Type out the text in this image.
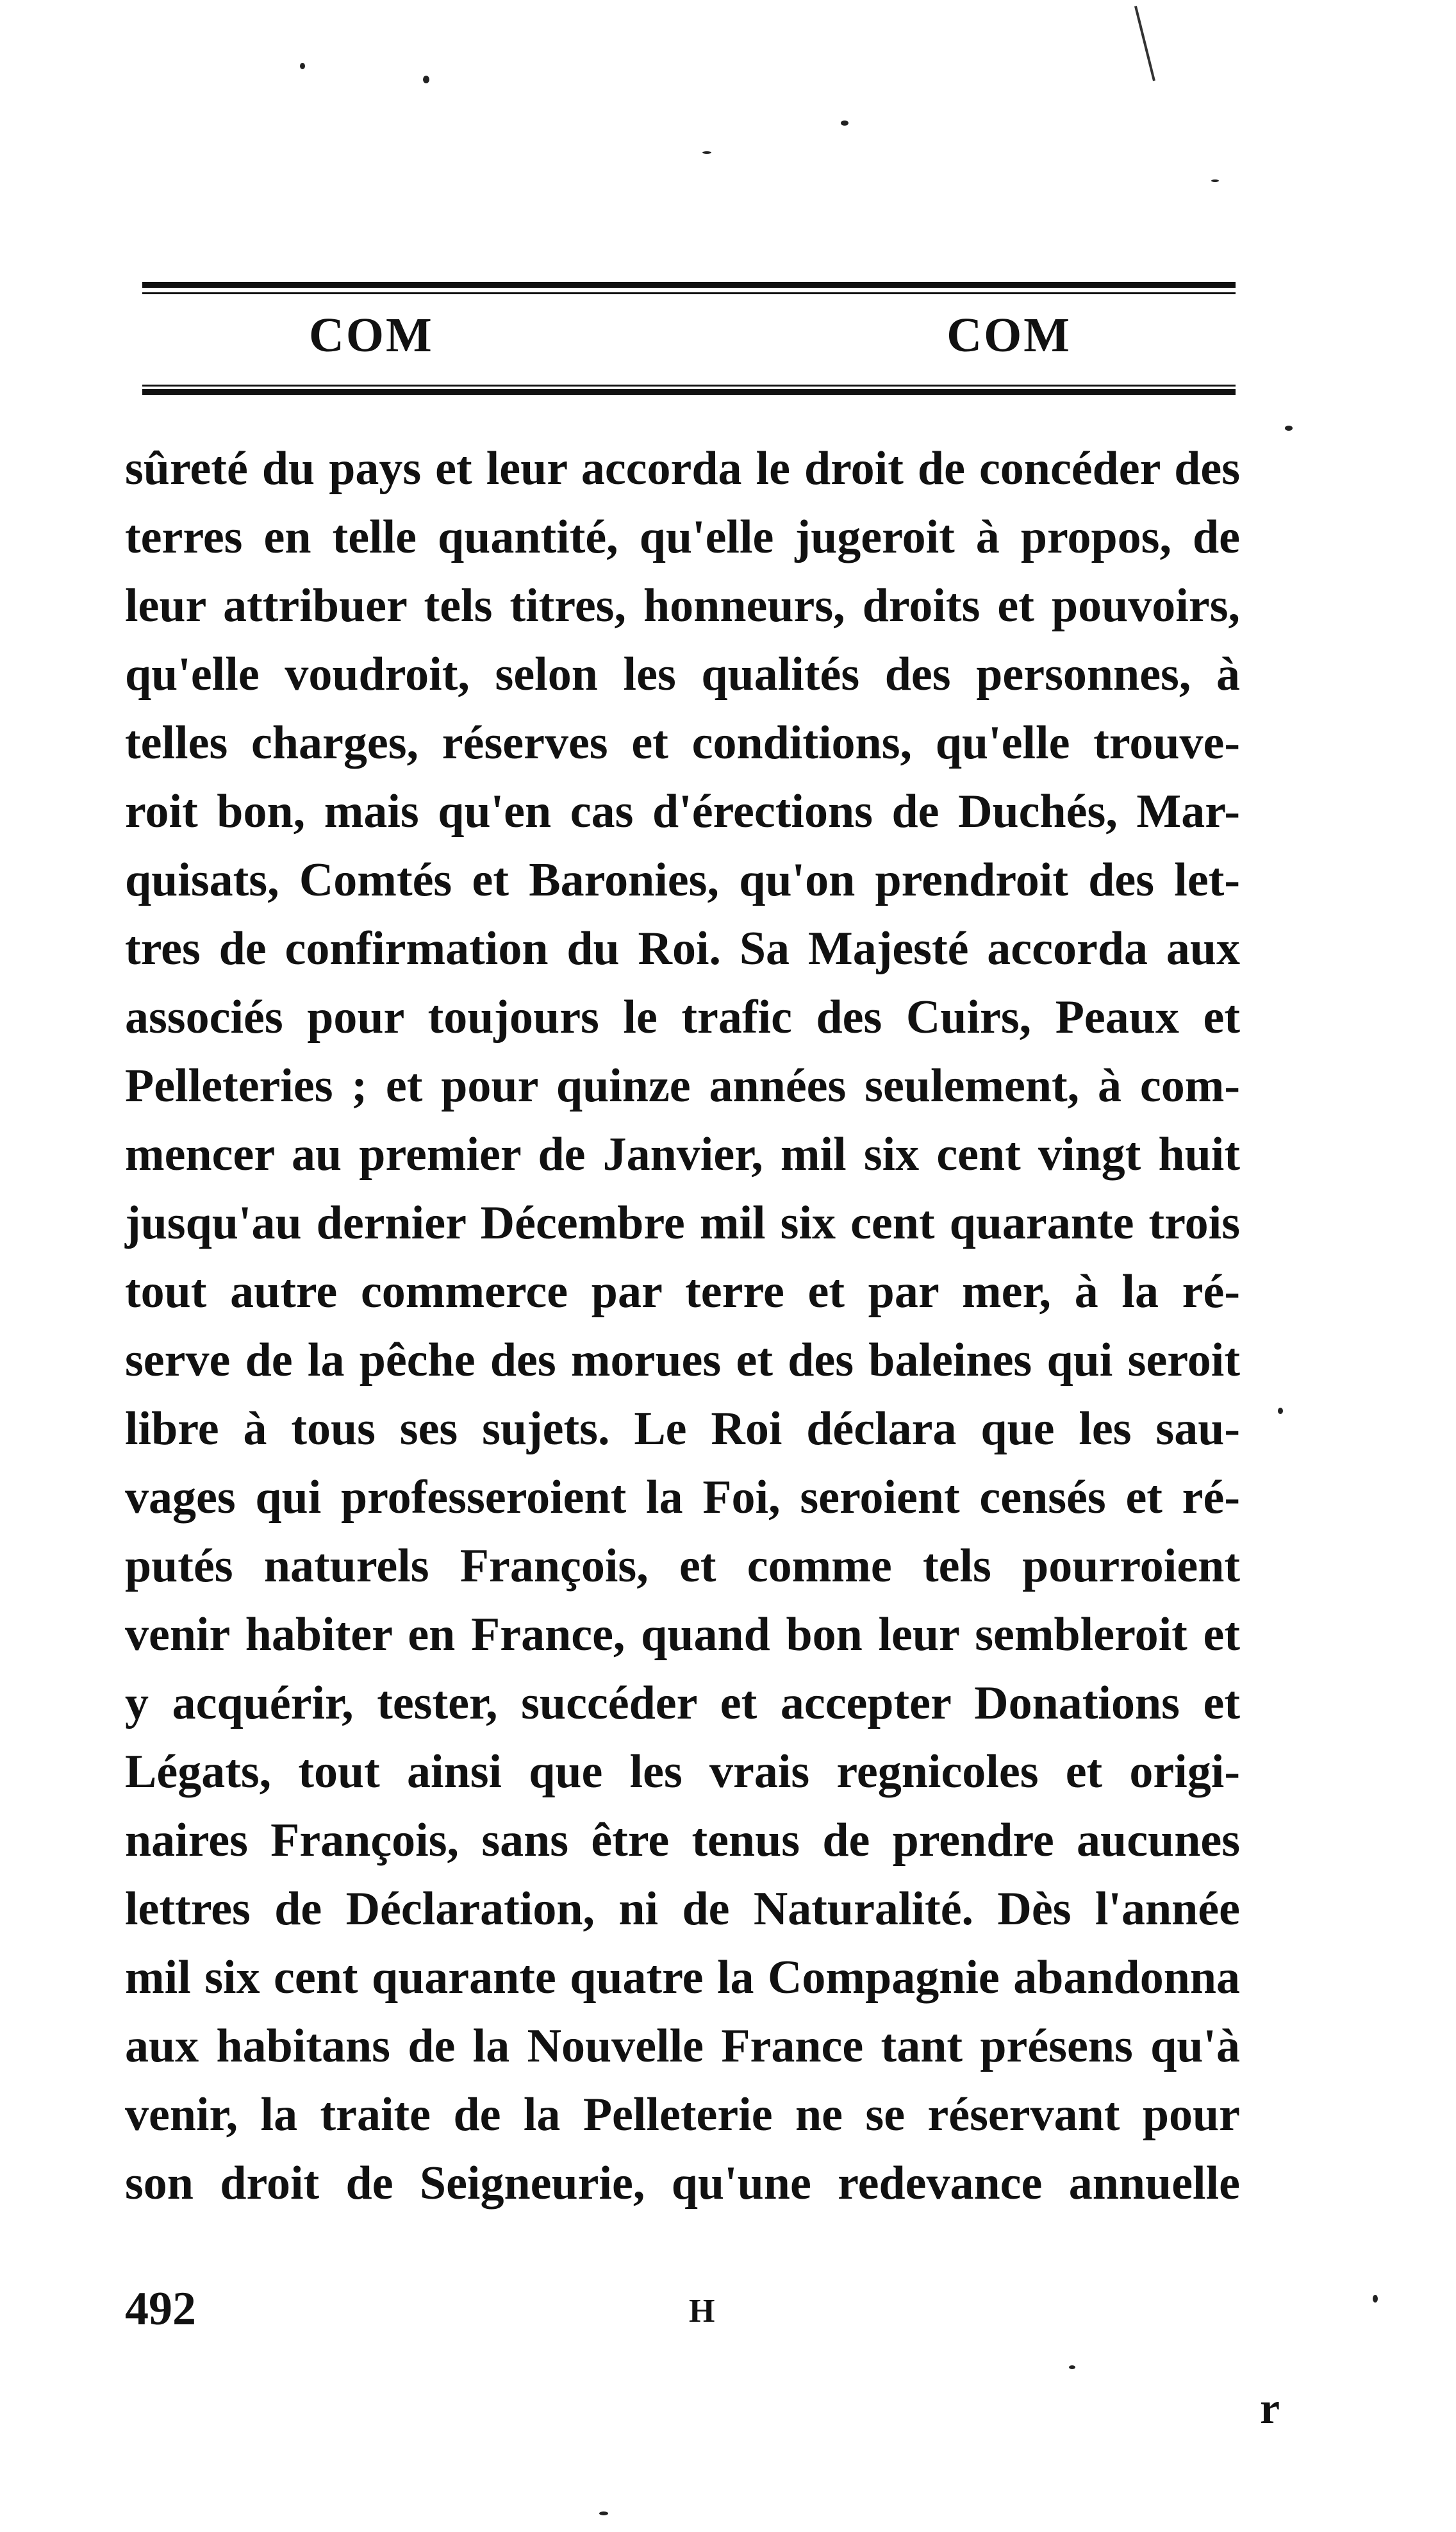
COM	COM
sûreté du pays et leur accorda le droit de concéder des
terres en telle quantité, qu'elle jugeroit à propos, de
leur attribuer tels titres, honneurs, droits et pouvoirs,
qu'elle voudroit, selon les qualités des personnes, à
telles charges, réserves et conditions, qu'elle trouve-
roit bon, mais qu'en cas d'érections de Duchés, Mar-
quisats, Comtés et Baronies, qu'on prendroit des let-
tres de confirmation du Roi. Sa Majesté accorda aux
associés pour toujours le trafic des Cuirs, Peaux et
Pelleteries ; et pour quinze années seulement, à com-
mencer au premier de Janvier, mil six cent vingt huit
jusqu'au dernier Décembre mil six cent quarante trois
tout autre commerce par terre et par mer, à la ré-
serve de la pêche des morues et des baleines qui seroit
libre à tous ses sujets. Le Roi déclara que les sau-
vages qui professeroient la Foi, seroient censés et ré-
putés naturels François, et comme tels pourroient
venir habiter en France, quand bon leur sembleroit et
y acquérir, tester, succéder et accepter Donations et
Légats, tout ainsi que les vrais regnicoles et origi-
naires François, sans être tenus de prendre aucunes
lettres de Déclaration, ni de Naturalité. Dès l'année
mil six cent quarante quatre la Compagnie abandonna
aux habitans de la Nouvelle France tant présens qu'à
venir, la traite de la Pelleterie ne se réservant pour
son droit de Seigneurie, qu'une redevance annuelle
492	H
r
